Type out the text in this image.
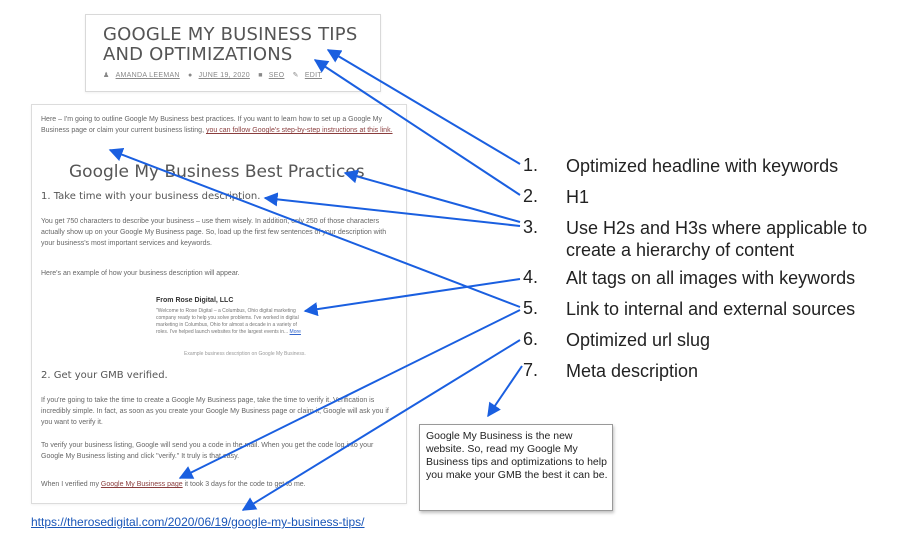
GOOGLE MY BUSINESS TIPS AND OPTIMIZATIONS
♟ AMANDA LEEMAN ● JUNE 19, 2020 ■ SEO ✎ EDIT
Here – I'm going to outline Google My Business best practices. If you want to learn how to set up a Google My Business page or claim your current business listing, you can follow Google's step-by-step instructions at this link.
Google My Business Best Practices
1. Take time with your business description.
You get 750 characters to describe your business – use them wisely. In addition, only 250 of those characters actually show up on your Google My Business page. So, load up the first few sentences of your description with your business's most important services and keywords.
Here's an example of how your business description will appear.
From Rose Digital, LLC
"Welcome to Rose Digital – a Columbus, Ohio digital marketing company ready to help you solve problems. I've worked in digital marketing in Columbus, Ohio for almost a decade in a variety of roles. I've helped launch websites for the largest events in... More
Example business description on Google My Business.
2. Get your GMB verified.
If you're going to take the time to create a Google My Business page, take the time to verify it. Verification is incredibly simple. In fact, as soon as you create your Google My Business page or claim it, Google will ask you if you want to verify it.
To verify your business listing, Google will send you a code in the mail. When you get the code log into your Google My Business listing and click "verify." It truly is that easy.
When I verified my Google My Business page it took 3 days for the code to get to me.
1. Optimized headline with keywords
2. H1
3. Use H2s and H3s where applicable to create a hierarchy of content
4. Alt tags on all images with keywords
5. Link to internal and external sources
6. Optimized url slug
7. Meta description
Google My Business is the new website. So, read my Google My Business tips and optimizations to help you make your GMB the best it can be.
https://therosedigital.com/2020/06/19/google-my-business-tips/
